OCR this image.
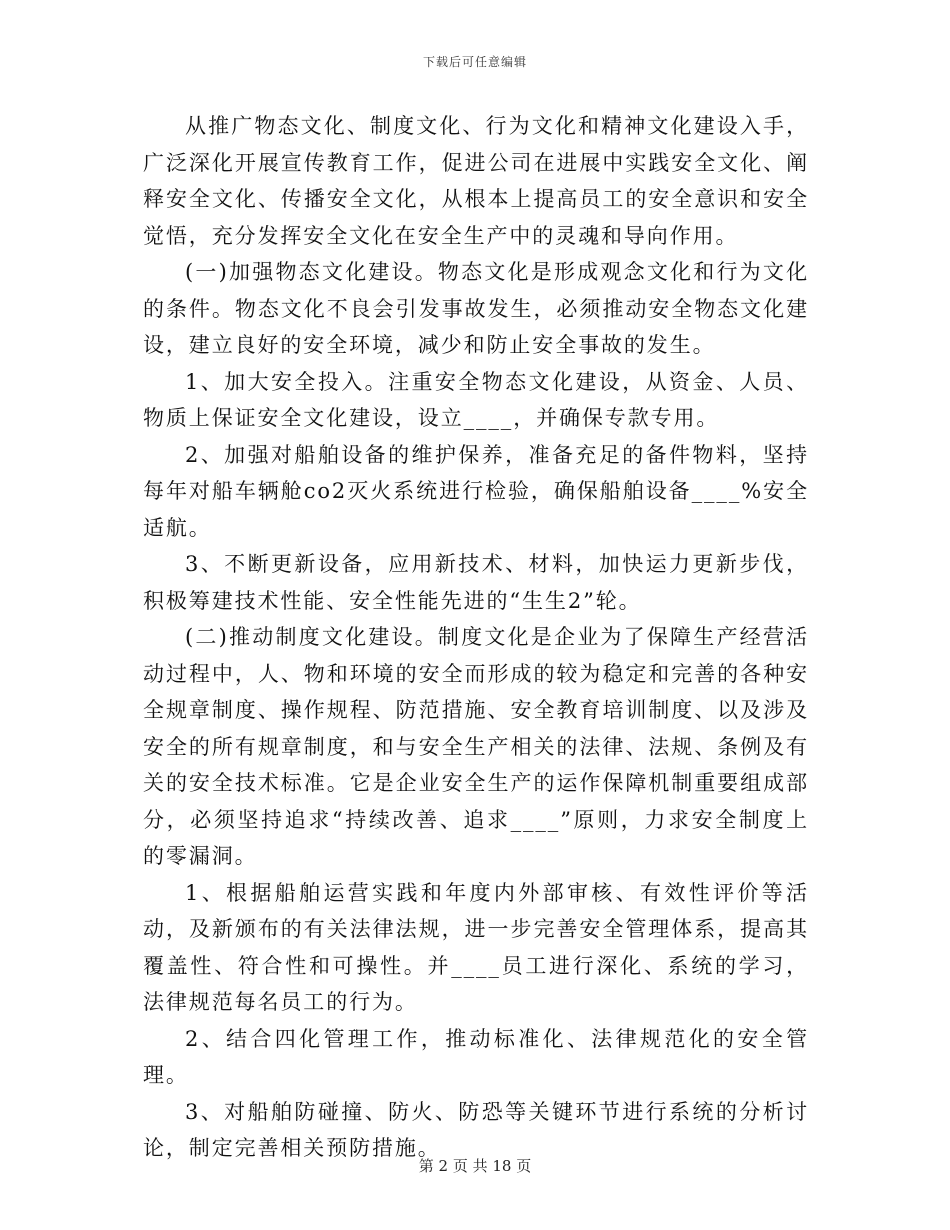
下载后可任意编辑

从推广物态文化、制度文化、行为文化和精神文化建设入手，广泛深化开展宣传教育工作，促进公司在进展中实践安全文化、阐释安全文化、传播安全文化，从根本上提高员工的安全意识和安全觉悟，充分发挥安全文化在安全生产中的灵魂和导向作用。

(一)加强物态文化建设。物态文化是形成观念文化和行为文化的条件。物态文化不良会引发事故发生，必须推动安全物态文化建设，建立良好的安全环境，减少和防止安全事故的发生。

1、加大安全投入。注重安全物态文化建设，从资金、人员、物质上保证安全文化建设，设立____，并确保专款专用。

2、加强对船舶设备的维护保养，准备充足的备件物料，坚持每年对船车辆舱co2灭火系统进行检验，确保船舶设备____%安全适航。

3、不断更新设备，应用新技术、材料，加快运力更新步伐，积极筹建技术性能、安全性能先进的“生生2”轮。

(二)推动制度文化建设。制度文化是企业为了保障生产经营活动过程中，人、物和环境的安全而形成的较为稳定和完善的各种安全规章制度、操作规程、防范措施、安全教育培训制度、以及涉及安全的所有规章制度，和与安全生产相关的法律、法规、条例及有关的安全技术标准。它是企业安全生产的运作保障机制重要组成部分，必须坚持追求“持续改善、追求____”原则，力求安全制度上的零漏洞。

1、根据船舶运营实践和年度内外部审核、有效性评价等活动，及新颁布的有关法律法规，进一步完善安全管理体系，提高其覆盖性、符合性和可操性。并____员工进行深化、系统的学习，法律规范每名员工的行为。

2、结合四化管理工作，推动标准化、法律规范化的安全管理。

3、对船舶防碰撞、防火、防恐等关键环节进行系统的分析讨论，制定完善相关预防措施。

第 2 页 共 18 页
